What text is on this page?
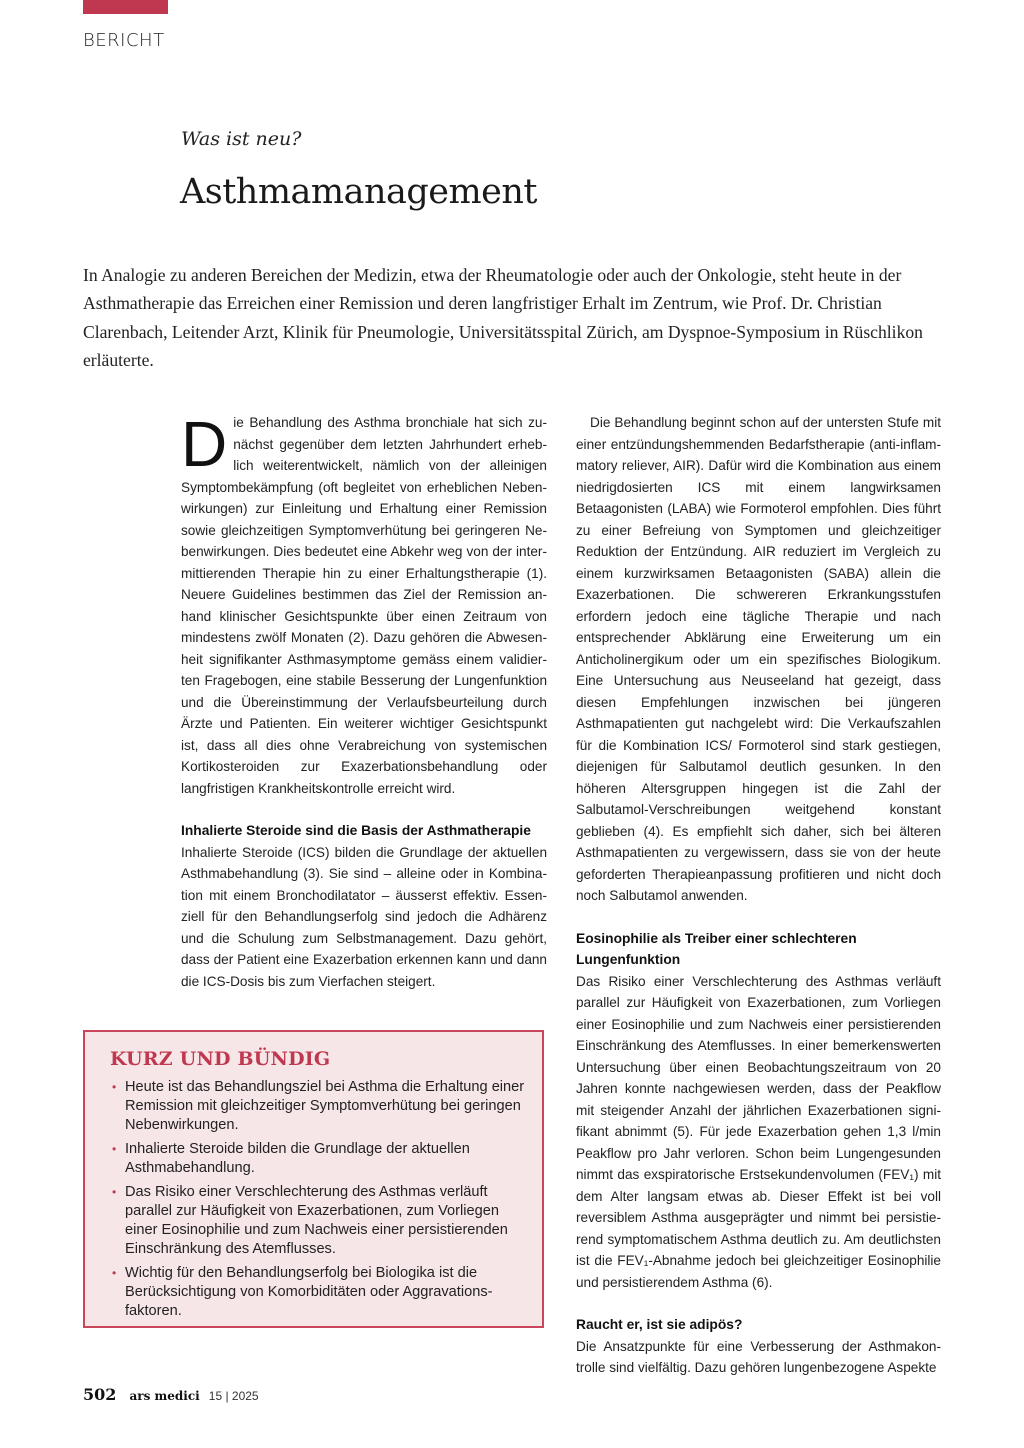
BERICHT
Was ist neu?
Asthmamanagement

In Analogie zu anderen Bereichen der Medizin, etwa der Rheumatologie oder auch der Onkologie, steht heute in der Asthmatherapie das Erreichen einer Remission und deren langfristiger Erhalt im Zentrum, wie Prof. Dr. Christian Clarenbach, Leitender Arzt, Klinik für Pneumologie, Universitätsspital Zürich, am Dyspnoe-Symposium in Rüschlikon erläuterte.

Die Behandlung des Asthma bronchiale hat sich zunächst gegenüber dem letzten Jahrhundert erheblich weiterentwickelt, nämlich von der alleinigen Symptombekämpfung (oft begleitet von erheblichen Nebenwirkungen) zur Einleitung und Erhaltung einer Remission sowie gleichzeitigen Symptomverhütung bei geringeren Nebenwirkungen. Dies bedeutet eine Abkehr weg von der intermittierenden Therapie hin zu einer Erhaltungstherapie (1). Neuere Guidelines bestimmen das Ziel der Remission anhand klinischer Gesichtspunkte über einen Zeitraum von mindestens zwölf Monaten (2). Dazu gehören die Abwesenheit signifikanter Asthmasymptome gemäss einem validierten Fragebogen, eine stabile Besserung der Lungenfunktion und die Übereinstimmung der Verlaufsbeurteilung durch Ärzte und Patienten. Ein weiterer wichtiger Gesichtspunkt ist, dass all dies ohne Verabreichung von systemischen Kortikosteroiden zur Exazerbationsbehandlung oder langfristigen Krankheitskontrolle erreicht wird.

Inhalierte Steroide sind die Basis der Asthmatherapie

Inhalierte Steroide (ICS) bilden die Grundlage der aktuellen Asthmabehandlung (3). Sie sind – alleine oder in Kombination mit einem Bronchodilatator – äusserst effektiv. Essenziell für den Behandlungserfolg sind jedoch die Adhärenz und die Schulung zum Selbstmanagement. Dazu gehört, dass der Patient eine Exazerbation erkennen kann und dann die ICS-Dosis bis zum Vierfachen steigert.

KURZ UND BÜNDIG
• Heute ist das Behandlungsziel bei Asthma die Erhaltung einer Remission mit gleichzeitiger Symptomverhütung bei geringen Nebenwirkungen.
• Inhalierte Steroide bilden die Grundlage der aktuellen Asthmabehandlung.
• Das Risiko einer Verschlechterung des Asthmas verläuft parallel zur Häufigkeit von Exazerbationen, zum Vorliegen einer Eosinophilie und zum Nachweis einer persistierenden Einschränkung des Atemflusses.
• Wichtig für den Behandlungserfolg bei Biologika ist die Berücksichtigung von Komorbiditäten oder Aggravationsfaktoren.

Die Behandlung beginnt schon auf der untersten Stufe mit einer entzündungshemmenden Bedarfstherapie (anti-inflammatory reliever, AIR). Dafür wird die Kombination aus einem niedrigdosierten ICS mit einem langwirksamen Betaagonisten (LABA) wie Formoterol empfohlen. Dies führt zu einer Befreiung von Symptomen und gleichzeitiger Reduktion der Entzündung. AIR reduziert im Vergleich zu einem kurzwirksamen Betaagonisten (SABA) allein die Exazerbationen. Die schwereren Erkrankungsstufen erfordern jedoch eine tägliche Therapie und nach entsprechender Abklärung eine Erweiterung um ein Anticholinergikum oder um ein spezifisches Biologikum. Eine Untersuchung aus Neuseeland hat gezeigt, dass diesen Empfehlungen inzwischen bei jüngeren Asthmapatienten gut nachgelebt wird: Die Verkaufszahlen für die Kombination ICS/ Formoterol sind stark gestiegen, diejenigen für Salbutamol deutlich gesunken. In den höheren Altersgruppen hingegen ist die Zahl der Salbutamol-Verschreibungen weitgehend konstant geblieben (4). Es empfiehlt sich daher, sich bei älteren Asthmapatienten zu vergewissern, dass sie von der heute geforderten Therapieanpassung profitieren und nicht doch noch Salbutamol anwenden.

Eosinophilie als Treiber einer schlechteren Lungenfunktion

Das Risiko einer Verschlechterung des Asthmas verläuft parallel zur Häufigkeit von Exazerbationen, zum Vorliegen einer Eosinophilie und zum Nachweis einer persistierenden Einschränkung des Atemflusses. In einer bemerkenswerten Untersuchung über einen Beobachtungszeitraum von 20 Jahren konnte nachgewiesen werden, dass der Peakflow mit steigender Anzahl der jährlichen Exazerbationen signifikant abnimmt (5). Für jede Exazerbation gehen 1,3 l/min Peakflow pro Jahr verloren. Schon beim Lungengesunden nimmt das exspiratorische Erstsekundenvolumen (FEV₁) mit dem Alter langsam etwas ab. Dieser Effekt ist bei voll reversiblem Asthma ausgeprägter und nimmt bei persistierend symptomatischem Asthma deutlich zu. Am deutlichsten ist die FEV₁-Abnahme jedoch bei gleichzeitiger Eosinophilie und persistierendem Asthma (6).

Raucht er, ist sie adipös?

Die Ansatzpunkte für eine Verbesserung der Asthmakontrolle sind vielfältig. Dazu gehören lungenbezogene Aspekte

502 ars medici 15 | 2025
